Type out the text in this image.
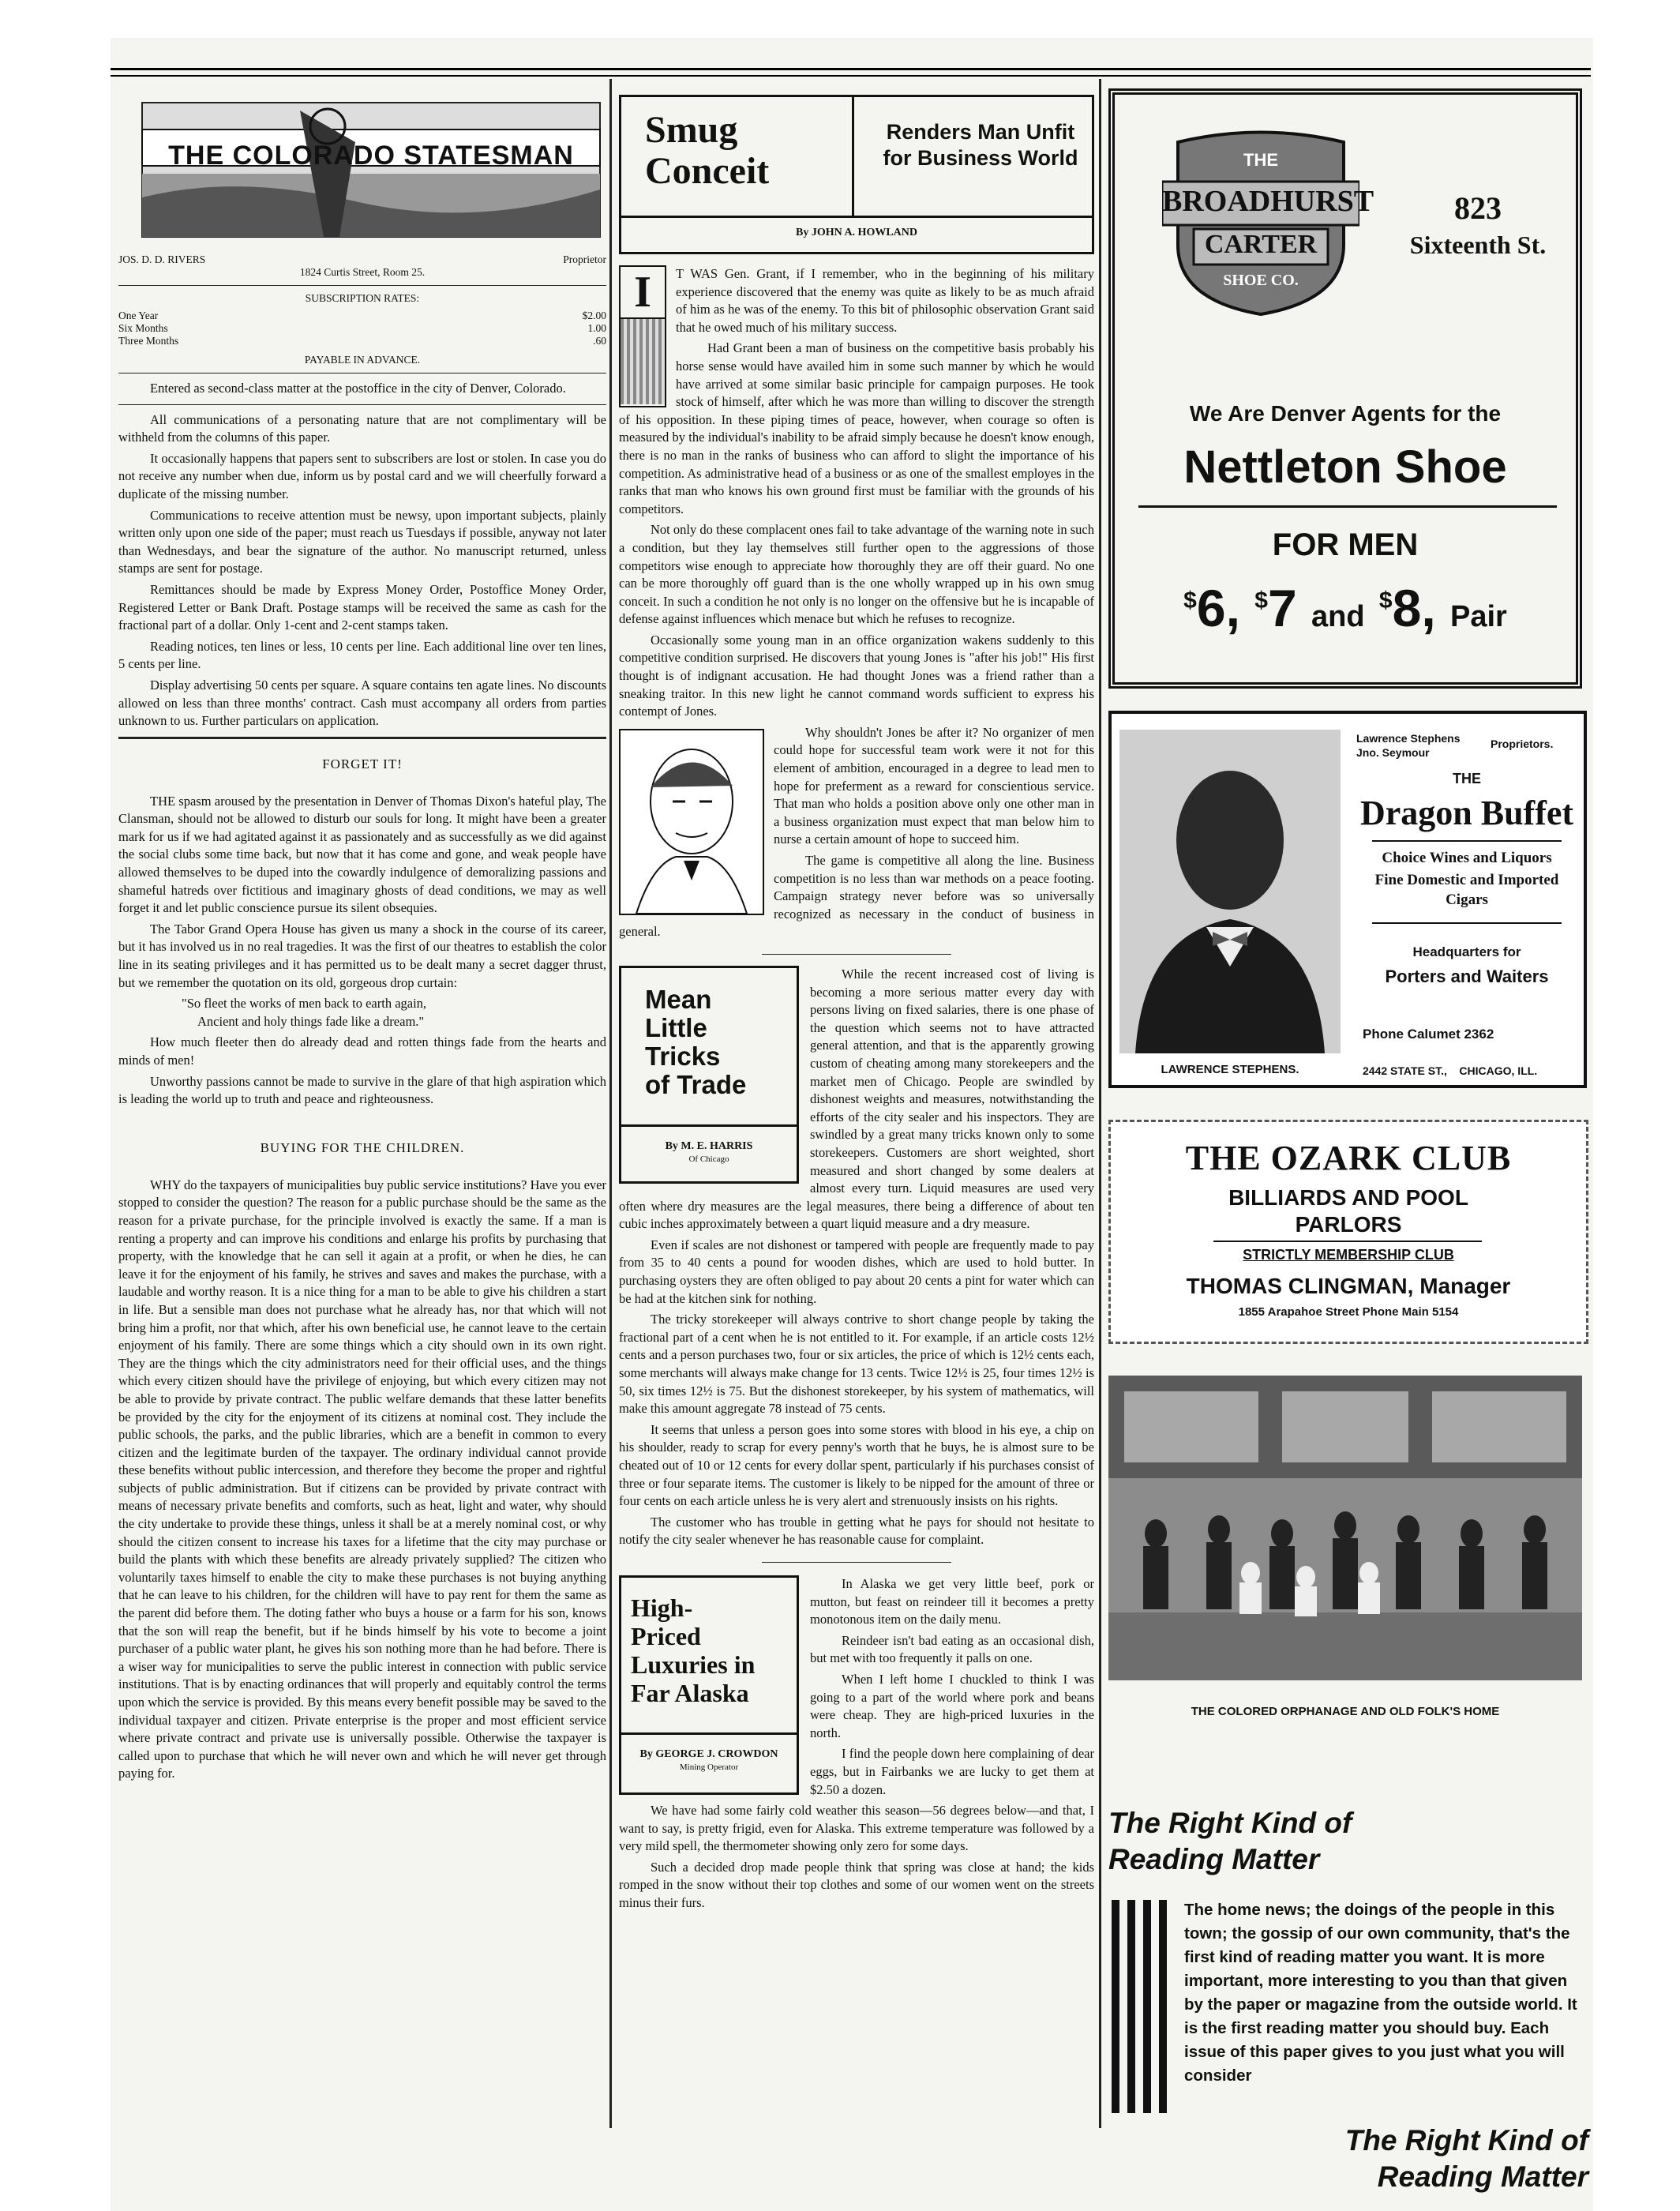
THE COLORADO STATESMAN
JOS. D. D. RIVERS	Proprietor
1824 Curtis Street, Room 25.
SUBSCRIPTION RATES:
One Year	$2.00
Six Months	1.00
Three Months	.60
PAYABLE IN ADVANCE.

Entered as second-class matter at the postoffice in the city of Denver, Colorado.

All communications of a personating nature that are not complimentary will be withheld from the columns of this paper.

It occasionally happens that papers sent to subscribers are lost or stolen. In case you do not receive any number when due, inform us by postal card and we will cheerfully forward a duplicate of the missing number.

Communications to receive attention must be newsy, upon important subjects, plainly written only upon one side of the paper; must reach us Tuesdays if possible, anyway not later than Wednesdays, and bear the signature of the author. No manuscript returned, unless stamps are sent for postage.

Remittances should be made by Express Money Order, Postoffice Money Order, Registered Letter or Bank Draft. Postage stamps will be received the same as cash for the fractional part of a dollar. Only 1-cent and 2-cent stamps taken.

Reading notices, ten lines or less, 10 cents per line. Each additional line over ten lines, 5 cents per line.

Display advertising 50 cents per square. A square contains ten agate lines. No discounts allowed on less than three months' contract. Cash must accompany all orders from parties unknown to us. Further particulars on application.

FORGET IT!

THE spasm aroused by the presentation in Denver of Thomas Dixon's hateful play, The Clansman, should not be allowed to disturb our souls for long. It might have been a greater mark for us if we had agitated against it as passionately and as successfully as we did against the social clubs some time back, but now that it has come and gone, and weak people have allowed themselves to be duped into the cowardly indulgence of demoralizing passions and shameful hatreds over fictitious and imaginary ghosts of dead conditions, we may as well forget it and let public conscience pursue its silent obsequies.

The Tabor Grand Opera House has given us many a shock in the course of its career, but it has involved us in no real tragedies. It was the first of our theatres to establish the color line in its seating privileges and it has permitted us to be dealt many a secret dagger thrust, but we remember the quotation on its old, gorgeous drop curtain:

"So fleet the works of men back to earth again,

Ancient and holy things fade like a dream."

How much fleeter then do already dead and rotten things fade from the hearts and minds of men!

Unworthy passions cannot be made to survive in the glare of that high aspiration which is leading the world up to truth and peace and righteousness.

BUYING FOR THE CHILDREN.

WHY do the taxpayers of municipalities buy public service institutions? Have you ever stopped to consider the question? The reason for a public purchase should be the same as the reason for a private purchase, for the principle involved is exactly the same. If a man is renting a property and can improve his conditions and enlarge his profits by purchasing that property, with the knowledge that he can sell it again at a profit, or when he dies, he can leave it for the enjoyment of his family, he strives and saves and makes the purchase, with a laudable and worthy reason. It is a nice thing for a man to be able to give his children a start in life. But a sensible man does not purchase what he already has, nor that which will not bring him a profit, nor that which, after his own beneficial use, he cannot leave to the certain enjoyment of his family. There are some things which a city should own in its own right. They are the things which the city administrators need for their official uses, and the things which every citizen should have the privilege of enjoying, but which every citizen may not be able to provide by private contract. The public welfare demands that these latter benefits be provided by the city for the enjoyment of its citizens at nominal cost. They include the public schools, the parks, and the public libraries, which are a benefit in common to every citizen and the legitimate burden of the taxpayer. The ordinary individual cannot provide these benefits without public intercession, and therefore they become the proper and rightful subjects of public administration. But if citizens can be provided by private contract with means of necessary private benefits and comforts, such as heat, light and water, why should the city undertake to provide these things, unless it shall be at a merely nominal cost, or why should the citizen consent to increase his taxes for a lifetime that the city may purchase or build the plants with which these benefits are already privately supplied? The citizen who voluntarily taxes himself to enable the city to make these purchases is not buying anything that he can leave to his children, for the children will have to pay rent for them the same as the parent did before them. The doting father who buys a house or a farm for his son, knows that the son will reap the benefit, but if he binds himself by his vote to become a joint purchaser of a public water plant, he gives his son nothing more than he had before. There is a wiser way for municipalities to serve the public interest in connection with public service institutions. That is by enacting ordinances that will properly and equitably control the terms upon which the service is provided. By this means every benefit possible may be saved to the individual taxpayer and citizen. Private enterprise is the proper and most efficient service where private contract and private use is universally possible. Otherwise the taxpayer is called upon to purchase that which he will never own and which he will never get through paying for.

Smug
Conceit
Renders Man Unfit for Business World
By JOHN A. HOWLAND
I	T WAS Gen. Grant, if I remember, who in the beginning of his military experience discovered that the enemy was quite as likely to be as much afraid of him as he was of the enemy. To this bit of philosophic observation Grant said that he owed much of his military success.

Had Grant been a man of business on the competitive basis probably his horse sense would have availed him in some such manner by which he would have arrived at some similar basic principle for campaign purposes. He took stock of himself, after which he was more than willing to discover the strength of his opposition. In these piping times of peace, however, when courage so often is measured by the individual's inability to be afraid simply because he doesn't know enough, there is no man in the ranks of business who can afford to slight the importance of his competition. As administrative head of a business or as one of the smallest employes in the ranks that man who knows his own ground first must be familiar with the grounds of his competitors.

Not only do these complacent ones fail to take advantage of the warning note in such a condition, but they lay themselves still further open to the aggressions of those competitors wise enough to appreciate how thoroughly they are off their guard. No one can be more thoroughly off guard than is the one wholly wrapped up in his own smug conceit. In such a condition he not only is no longer on the offensive but he is incapable of defense against influences which menace but which he refuses to recognize.

Occasionally some young man in an office organization wakens suddenly to this competitive condition surprised. He discovers that young Jones is "after his job!" His first thought is of indignant accusation. He had thought Jones was a friend rather than a sneaking traitor. In this new light he cannot command words sufficient to express his contempt of Jones.

Why shouldn't Jones be after it? No organizer of men could hope for successful team work were it not for this element of ambition, encouraged in a degree to lead men to hope for preferment as a reward for conscientious service. That man who holds a position above only one other man in a business organization must expect that man below him to nurse a certain amount of hope to succeed him.

The game is competitive all along the line. Business competition is no less than war methods on a peace footing. Campaign strategy never before was so universally recognized as necessary in the conduct of business in general.

Mean
Little
Tricks
of Trade
By M. E. HARRIS
Of Chicago

While the recent increased cost of living is becoming a more serious matter every day with persons living on fixed salaries, there is one phase of the question which seems not to have attracted general attention, and that is the apparently growing custom of cheating among many storekeepers and the market men of Chicago. People are swindled by dishonest weights and measures, notwithstanding the efforts of the city sealer and his inspectors. They are swindled by a great many tricks known only to some storekeepers. Customers are short weighted, short measured and short changed by some dealers at almost every turn. Liquid measures are used very often where dry measures are the legal measures, there being a difference of about ten cubic inches approximately between a quart liquid measure and a dry measure.

Even if scales are not dishonest or tampered with people are frequently made to pay from 35 to 40 cents a pound for wooden dishes, which are used to hold butter. In purchasing oysters they are often obliged to pay about 20 cents a pint for water which can be had at the kitchen sink for nothing.

The tricky storekeeper will always contrive to short change people by taking the fractional part of a cent when he is not entitled to it. For example, if an article costs 12½ cents and a person purchases two, four or six articles, the price of which is 12½ cents each, some merchants will always make change for 13 cents. Twice 12½ is 25, four times 12½ is 50, six times 12½ is 75. But the dishonest storekeeper, by his system of mathematics, will make this amount aggregate 78 instead of 75 cents.

It seems that unless a person goes into some stores with blood in his eye, a chip on his shoulder, ready to scrap for every penny's worth that he buys, he is almost sure to be cheated out of 10 or 12 cents for every dollar spent, particularly if his purchases consist of three or four separate items. The customer is likely to be nipped for the amount of three or four cents on each article unless he is very alert and strenuously insists on his rights.

The customer who has trouble in getting what he pays for should not hesitate to notify the city sealer whenever he has reasonable cause for complaint.

High-
Priced
Luxuries in
Far Alaska
By GEORGE J. CROWDON
Mining Operator

In Alaska we get very little beef, pork or mutton, but feast on reindeer till it becomes a pretty monotonous item on the daily menu.

Reindeer isn't bad eating as an occasional dish, but met with too frequently it palls on one.

When I left home I chuckled to think I was going to a part of the world where pork and beans were cheap. They are high-priced luxuries in the north.

I find the people down here complaining of dear eggs, but in Fairbanks we are lucky to get them at $2.50 a dozen.

We have had some fairly cold weather this season—56 degrees below—and that, I want to say, is pretty frigid, even for Alaska. This extreme temperature was followed by a very mild spell, the thermometer showing only zero for some days.

Such a decided drop made people think that spring was close at hand; the kids romped in the snow without their top clothes and some of our women went on the streets minus their furs.

THE
BROADHURST
CARTER
SHOE CO.
823
Sixteenth St.
We Are Denver Agents for the
Nettleton Shoe
FOR MEN
$6, $7 and $8, Pair
LAWRENCE STEPHENS.
Lawrence Stephens
Jno. Seymour
Proprietors.
THE
Dragon Buffet
Choice Wines and Liquors
Fine Domestic and Imported Cigars
Headquarters for
Porters and Waiters
Phone Calumet 2362
2442 STATE ST.,    CHICAGO, ILL.
THE OZARK CLUB
BILLIARDS AND POOL
PARLORS
STRICTLY MEMBERSHIP CLUB
THOMAS CLINGMAN, Manager
1855 Arapahoe Street Phone Main 5154
THE COLORED ORPHANAGE AND OLD FOLK'S HOME
The Right Kind of Reading Matter
The home news; the doings of the people in this town; the gossip of our own community, that's the first kind of reading matter you want. It is more important, more interesting to you than that given by the paper or magazine from the outside world. It is the first reading matter you should buy. Each issue of this paper gives to you just what you will consider
The Right Kind of
Reading Matter
